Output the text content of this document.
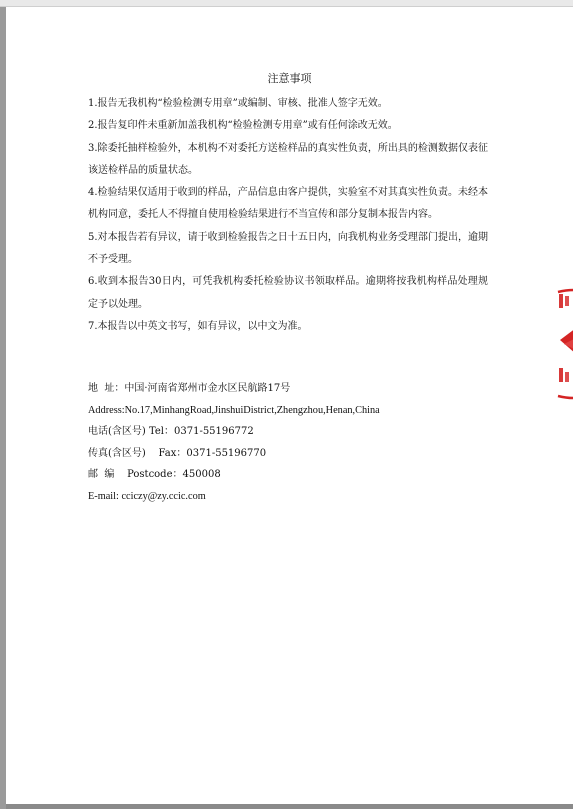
注意事项

1.报告无我机构“检验检测专用章”或编制、审核、批准人签字无效。

2.报告复印件未重新加盖我机构“检验检测专用章”或有任何涂改无效。

3.除委托抽样检验外，本机构不对委托方送检样品的真实性负责，所出具的检测数据仅表征该送检样品的质量状态。

4.检验结果仅适用于收到的样品，产品信息由客户提供，实验室不对其真实性负责。未经本机构同意，委托人不得擅自使用检验结果进行不当宣传和部分复制本报告内容。

5.对本报告若有异议，请于收到检验报告之日十五日内，向我机构业务受理部门提出，逾期不予受理。

6.收到本报告30日内，可凭我机构委托检验协议书领取样品。逾期将按我机构样品处理规定予以处理。

7.本报告以中英文书写，如有异议，以中文为准。

地  址：中国·河南省郑州市金水区民航路17号
Address:No.17,MinhangRoad,JinshuiDistrict,Zhengzhou,Henan,China
电话(含区号) Tel：0371-55196772
传真(含区号)    Fax：0371-55196770
邮  编    Postcode：450008
E-mail: cciczy@zy.ccic.com
